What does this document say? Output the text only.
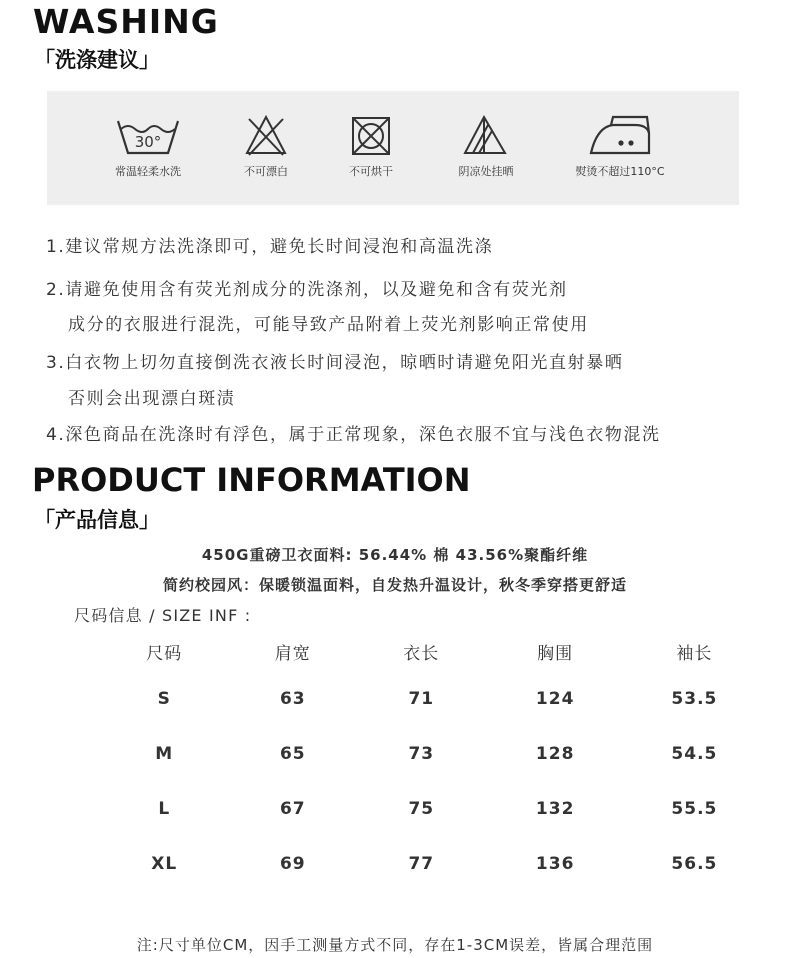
WASHING
「洗涤建议」
30°
常温轻柔水洗	不可漂白	不可烘干	阴凉处挂晒	熨烫不超过110°C
1.建议常规方法洗涤即可，避免长时间浸泡和高温洗涤
2.请避免使用含有荧光剂成分的洗涤剂，以及避免和含有荧光剂
成分的衣服进行混洗，可能导致产品附着上荧光剂影响正常使用
3.白衣物上切勿直接倒洗衣液长时间浸泡，晾晒时请避免阳光直射暴晒
否则会出现漂白斑渍
4.深色商品在洗涤时有浮色，属于正常现象，深色衣服不宜与浅色衣物混洗
PRODUCT INFORMATION
「产品信息」
450G重磅卫衣面料: 56.44% 棉 43.56%聚酯纤维
简约校园风：保暖锁温面料，自发热升温设计，秋冬季穿搭更舒适
尺码信息 / SIZE INF :
尺码	肩宽	衣长	胸围	袖长
S	63	71	124	53.5
M	65	73	128	54.5
L	67	75	132	55.5
XL	69	77	136	56.5
注:尺寸单位CM，因手工测量方式不同，存在1-3CM误差，皆属合理范围
